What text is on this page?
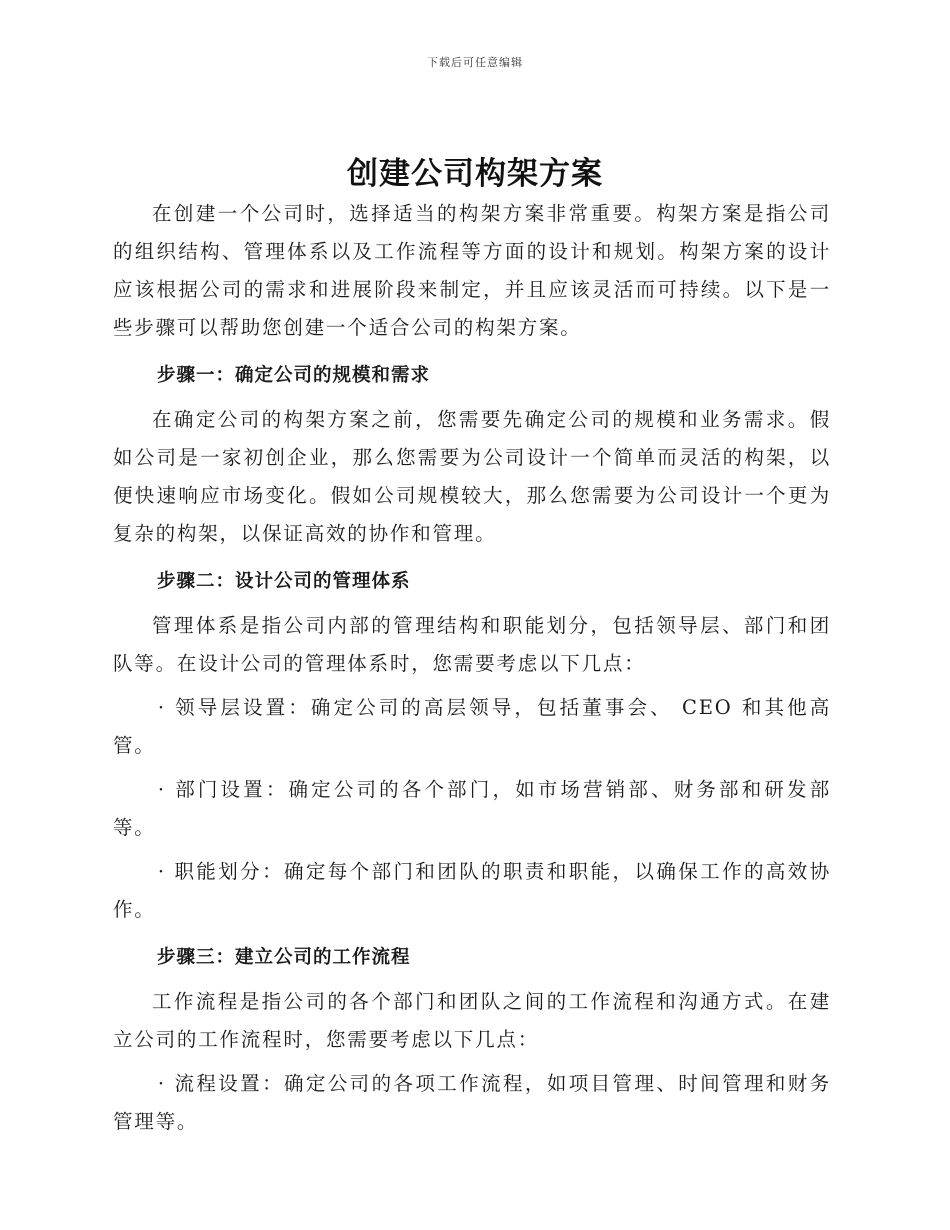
下载后可任意编辑
创建公司构架方案

在创建一个公司时，选择适当的构架方案非常重要。构架方案是指公司的组织结构、管理体系以及工作流程等方面的设计和规划。构架方案的设计应该根据公司的需求和进展阶段来制定，并且应该灵活而可持续。以下是一些步骤可以帮助您创建一个适合公司的构架方案。

步骤一：确定公司的规模和需求

在确定公司的构架方案之前，您需要先确定公司的规模和业务需求。假如公司是一家初创企业，那么您需要为公司设计一个简单而灵活的构架，以便快速响应市场变化。假如公司规模较大，那么您需要为公司设计一个更为复杂的构架，以保证高效的协作和管理。

步骤二：设计公司的管理体系

管理体系是指公司内部的管理结构和职能划分，包括领导层、部门和团队等。在设计公司的管理体系时，您需要考虑以下几点：

· 领导层设置：确定公司的高层领导，包括董事会、 CEO 和其他高管。

· 部门设置：确定公司的各个部门，如市场营销部、财务部和研发部等。

· 职能划分：确定每个部门和团队的职责和职能，以确保工作的高效协作。

步骤三：建立公司的工作流程

工作流程是指公司的各个部门和团队之间的工作流程和沟通方式。在建立公司的工作流程时，您需要考虑以下几点：

· 流程设置：确定公司的各项工作流程，如项目管理、时间管理和财务管理等。
